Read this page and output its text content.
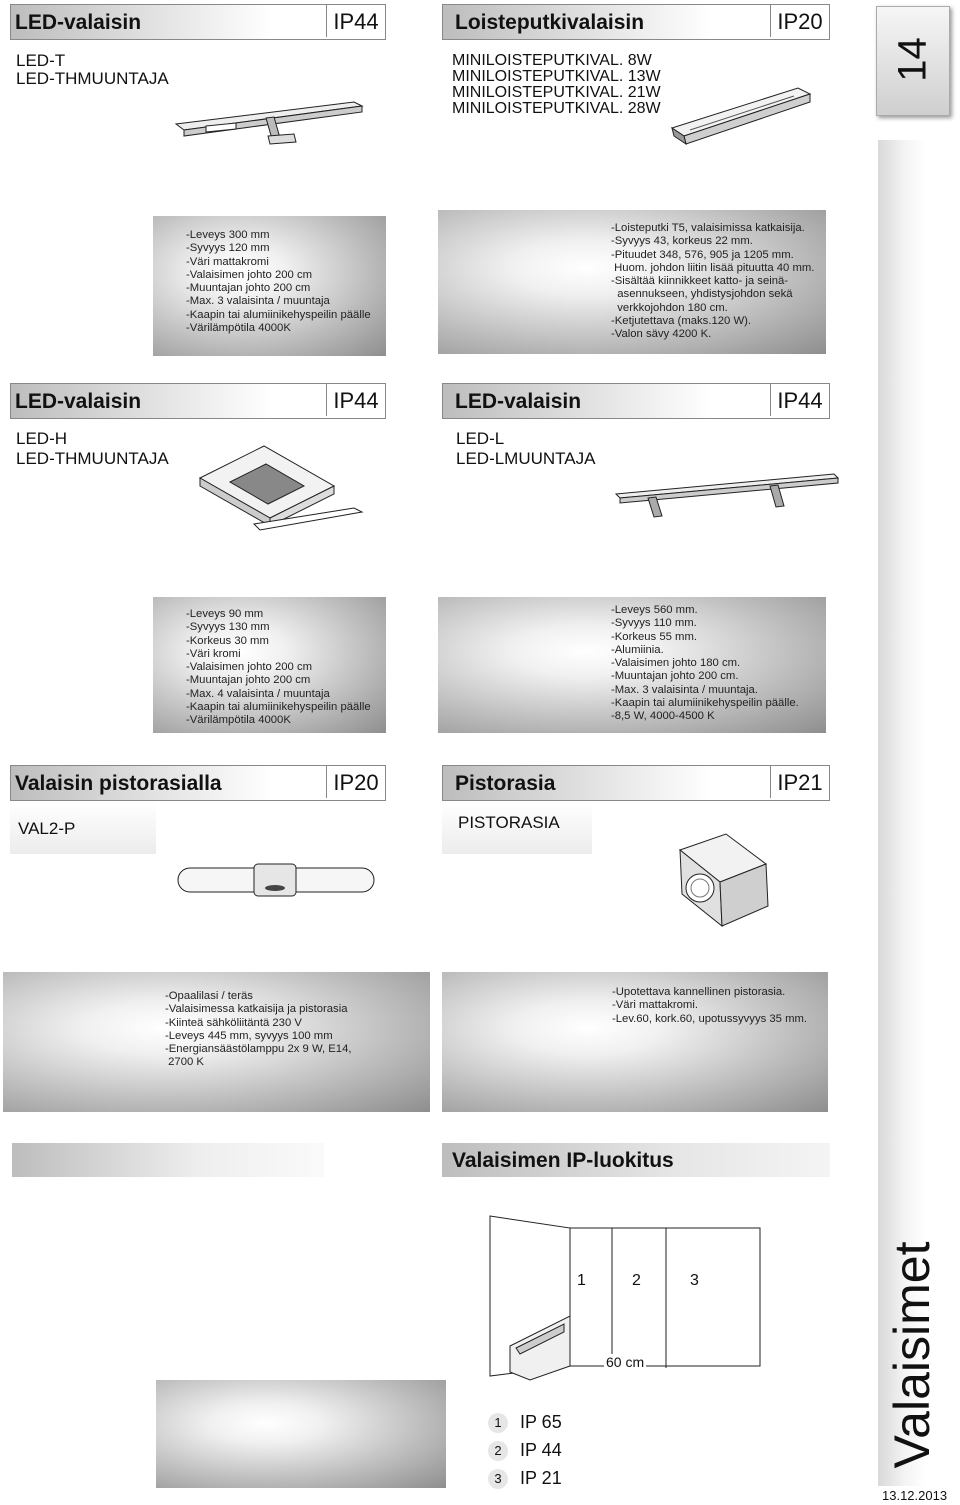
14
Valaisimet
13.12.2013
LED-valaisin	IP44
LED-T
LED-THMUUNTAJA
-Leveys 300 mm
-Syvyys 120 mm
-Väri mattakromi
-Valaisimen johto 200 cm
-Muuntajan johto 200 cm
-Max. 3 valaisinta / muuntaja
-Kaapin tai alumiinikehyspeilin päälle
-Värilämpötila 4000K
Loisteputkivalaisin	IP20
MINILOISTEPUTKIVAL. 8W
MINILOISTEPUTKIVAL. 13W
MINILOISTEPUTKIVAL. 21W
MINILOISTEPUTKIVAL. 28W
-Loisteputki T5, valaisimissa katkaisija.
-Syvyys 43, korkeus 22 mm.
-Pituudet 348, 576, 905 ja 1205 mm.
Huom. johdon liitin lisää pituutta 40 mm.
-Sisältää kiinnikkeet katto- ja seinä-
asennukseen, yhdistysjohdon sekä
verkkojohdon 180 cm.
-Ketjutettava (maks.120 W).
-Valon sävy 4200 K.
LED-valaisin	IP44
LED-H
LED-THMUUNTAJA
-Leveys 90 mm
-Syvyys 130 mm
-Korkeus 30 mm
-Väri kromi
-Valaisimen johto 200 cm
-Muuntajan johto 200 cm
-Max. 4 valaisinta / muuntaja
-Kaapin tai alumiinikehyspeilin päälle
-Värilämpötila 4000K
LED-valaisin	IP44
LED-L
LED-LMUUNTAJA
-Leveys 560 mm.
-Syvyys 110 mm.
-Korkeus 55 mm.
-Alumiinia.
-Valaisimen johto 180 cm.
-Muuntajan johto 200 cm.
-Max. 3 valaisinta / muuntaja.
-Kaapin tai alumiinikehyspeilin päälle.
-8,5 W, 4000-4500 K
Valaisin pistorasialla	IP20
VAL2-P
-Opaalilasi / teräs
-Valaisimessa katkaisija ja pistorasia
-Kiinteä sähköliitäntä 230 V
-Leveys 445 mm, syvyys 100 mm
-Energiansäästölamppu 2x 9 W, E14,
2700 K
Pistorasia	IP21
PISTORASIA
-Upotettava kannellinen pistorasia.
-Väri mattakromi.
-Lev.60, kork.60, upotussyvyys 35 mm.
Valaisimen IP-luokitus
1	2	3
60 cm
1 IP 65
2 IP 44
3 IP 21
